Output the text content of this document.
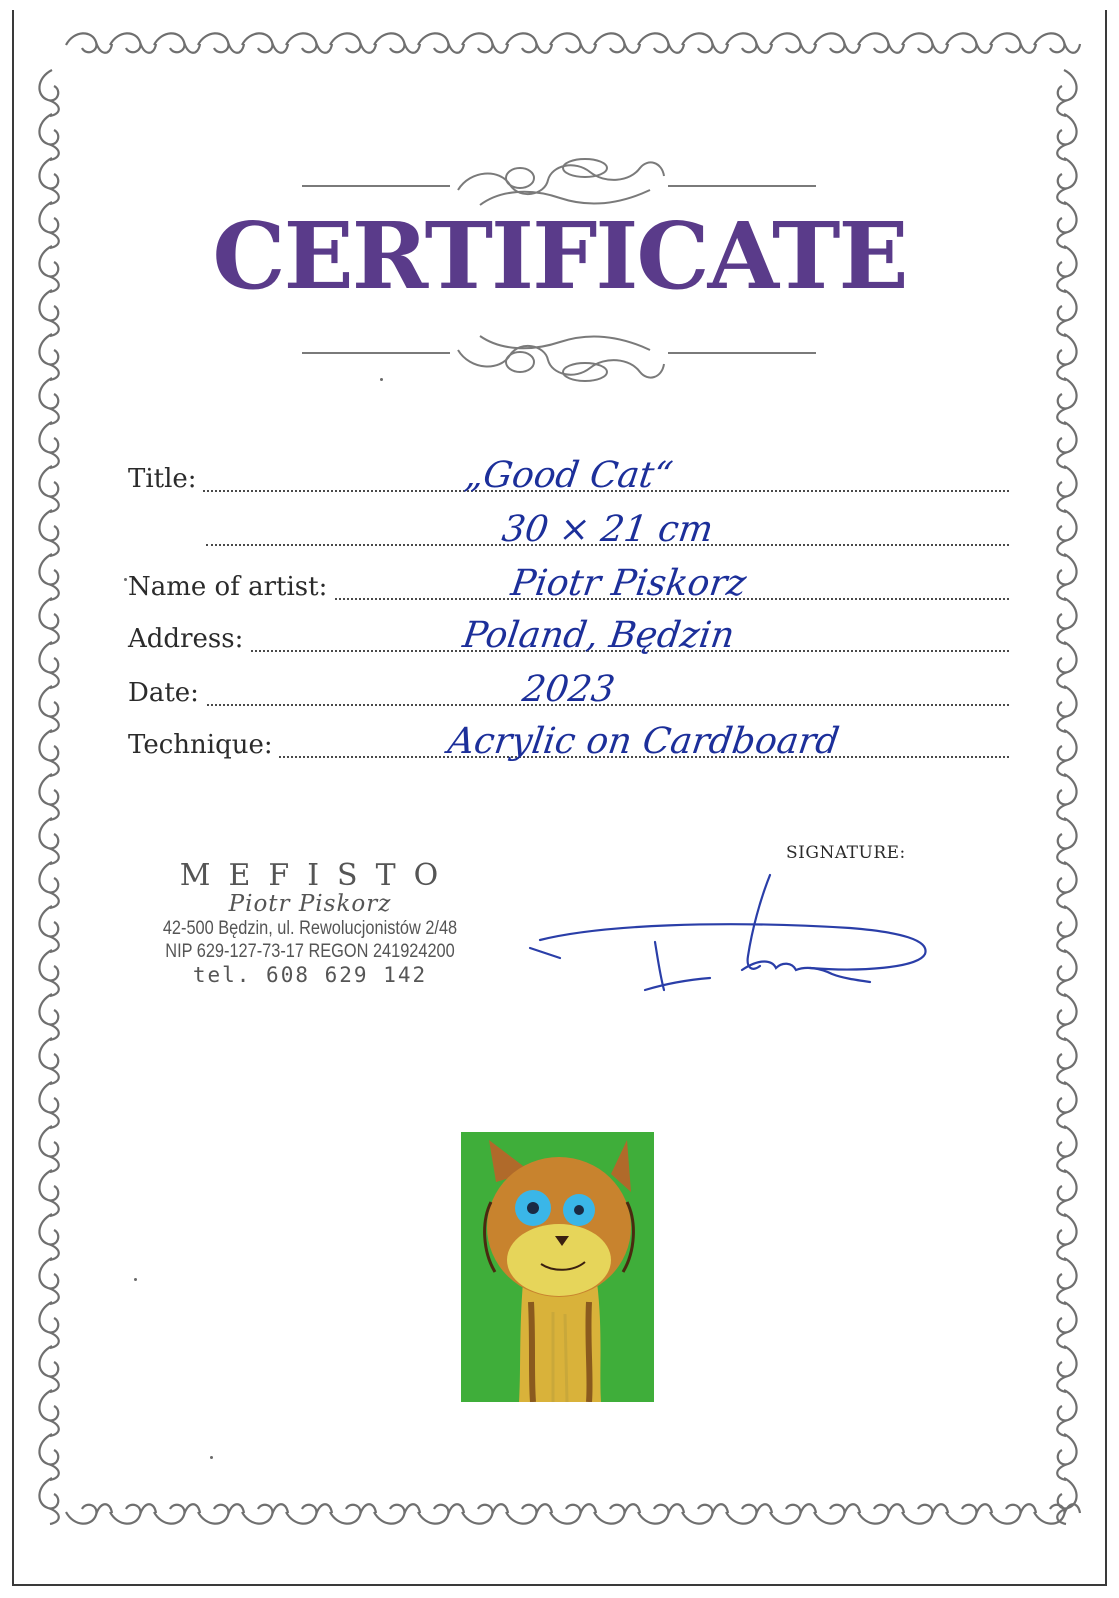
CERTIFICATE
Title:	„Good Cat“
30 × 21 cm
Name of artist:	Piotr Piskorz
Address:	Poland, Będzin
Date:	2023
Technique:	Acrylic on Cardboard
SIGNATURE:
MEFISTO
Piotr Piskorz
42-500 Będzin, ul. Rewolucjonistów 2/48
NIP 629-127-73-17 REGON 241924200
tel. 608 629 142
